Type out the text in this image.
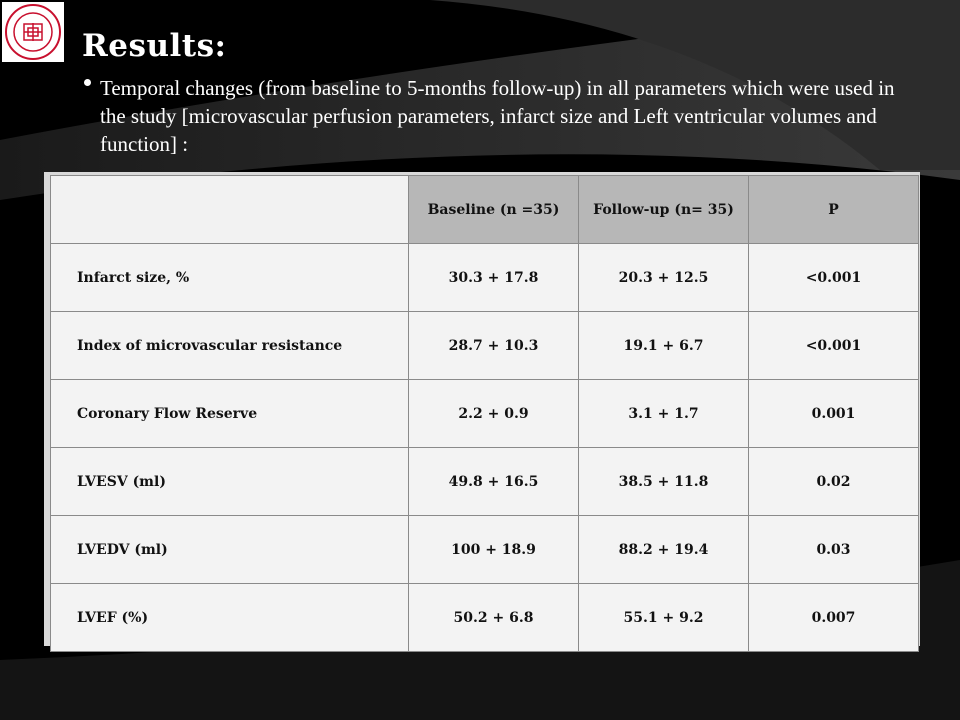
Results:
Temporal changes (from baseline to 5-months follow-up) in all parameters which were used in the study [microvascular perfusion parameters, infarct size and Left ventricular volumes and function] :
	Baseline (n =35)	Follow-up (n= 35)	P
Infarct size, %	30.3 + 17.8	20.3 + 12.5	<0.001
Index of microvascular resistance	28.7 + 10.3	19.1 + 6.7	<0.001
Coronary Flow Reserve	2.2 + 0.9	3.1 + 1.7	0.001
LVESV (ml)	49.8 + 16.5	38.5 + 11.8	0.02
LVEDV (ml)	100 + 18.9	88.2 + 19.4	0.03
LVEF (%)	50.2 + 6.8	55.1 + 9.2	0.007
